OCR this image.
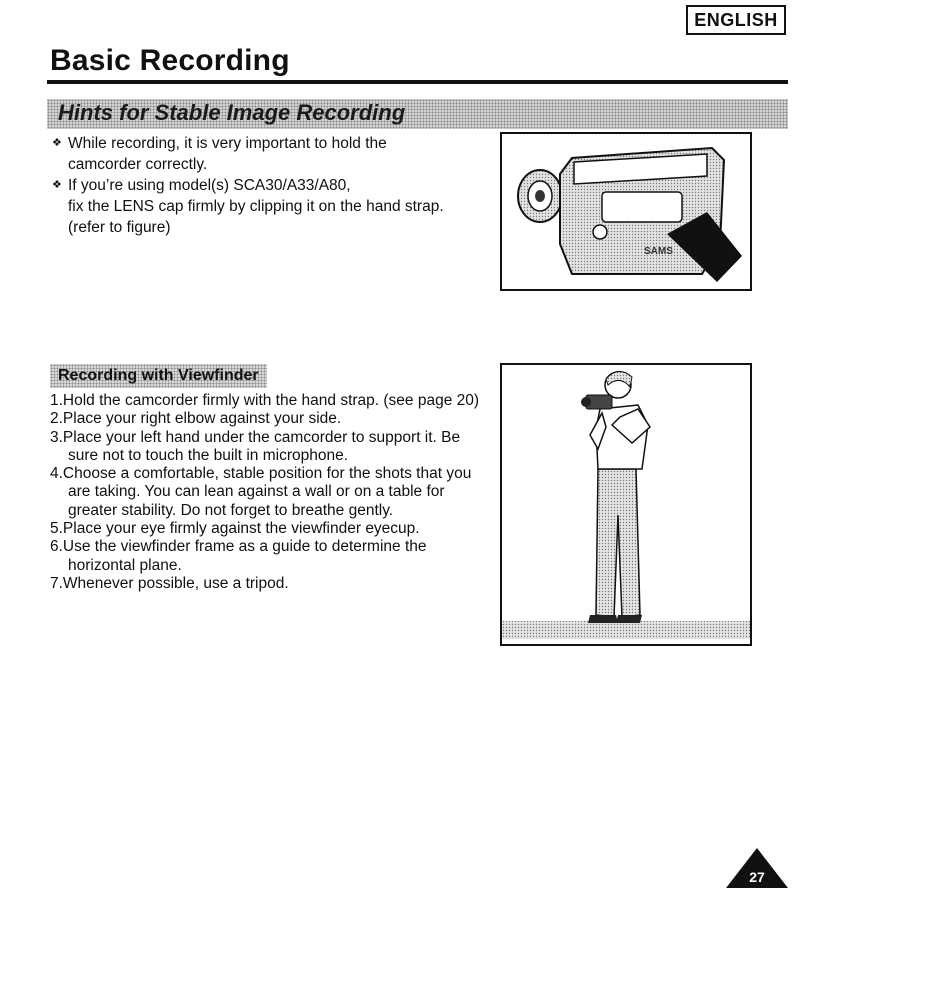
ENGLISH
Basic Recording
Hints for Stable Image Recording
❖ While recording, it is very important to hold the
camcorder correctly.
❖ If you’re using model(s) SCA30/A33/A80,
fix the LENS cap firmly by clipping it on the hand strap.
(refer to figure)
SAMS
Recording with Viewfinder
1.Hold the camcorder firmly with the hand strap. (see page 20)
2.Place your right elbow against your side.
3.Place your left hand under the camcorder to support it. Be sure not to touch the built in microphone.
4.Choose a comfortable, stable position for the shots that you are taking. You can lean against a wall or on a table for greater stability. Do not forget to breathe gently.
5.Place your eye firmly against the viewfinder eyecup.
6.Use the viewfinder frame as a guide to determine the horizontal plane.
7.Whenever possible, use a tripod.
27
